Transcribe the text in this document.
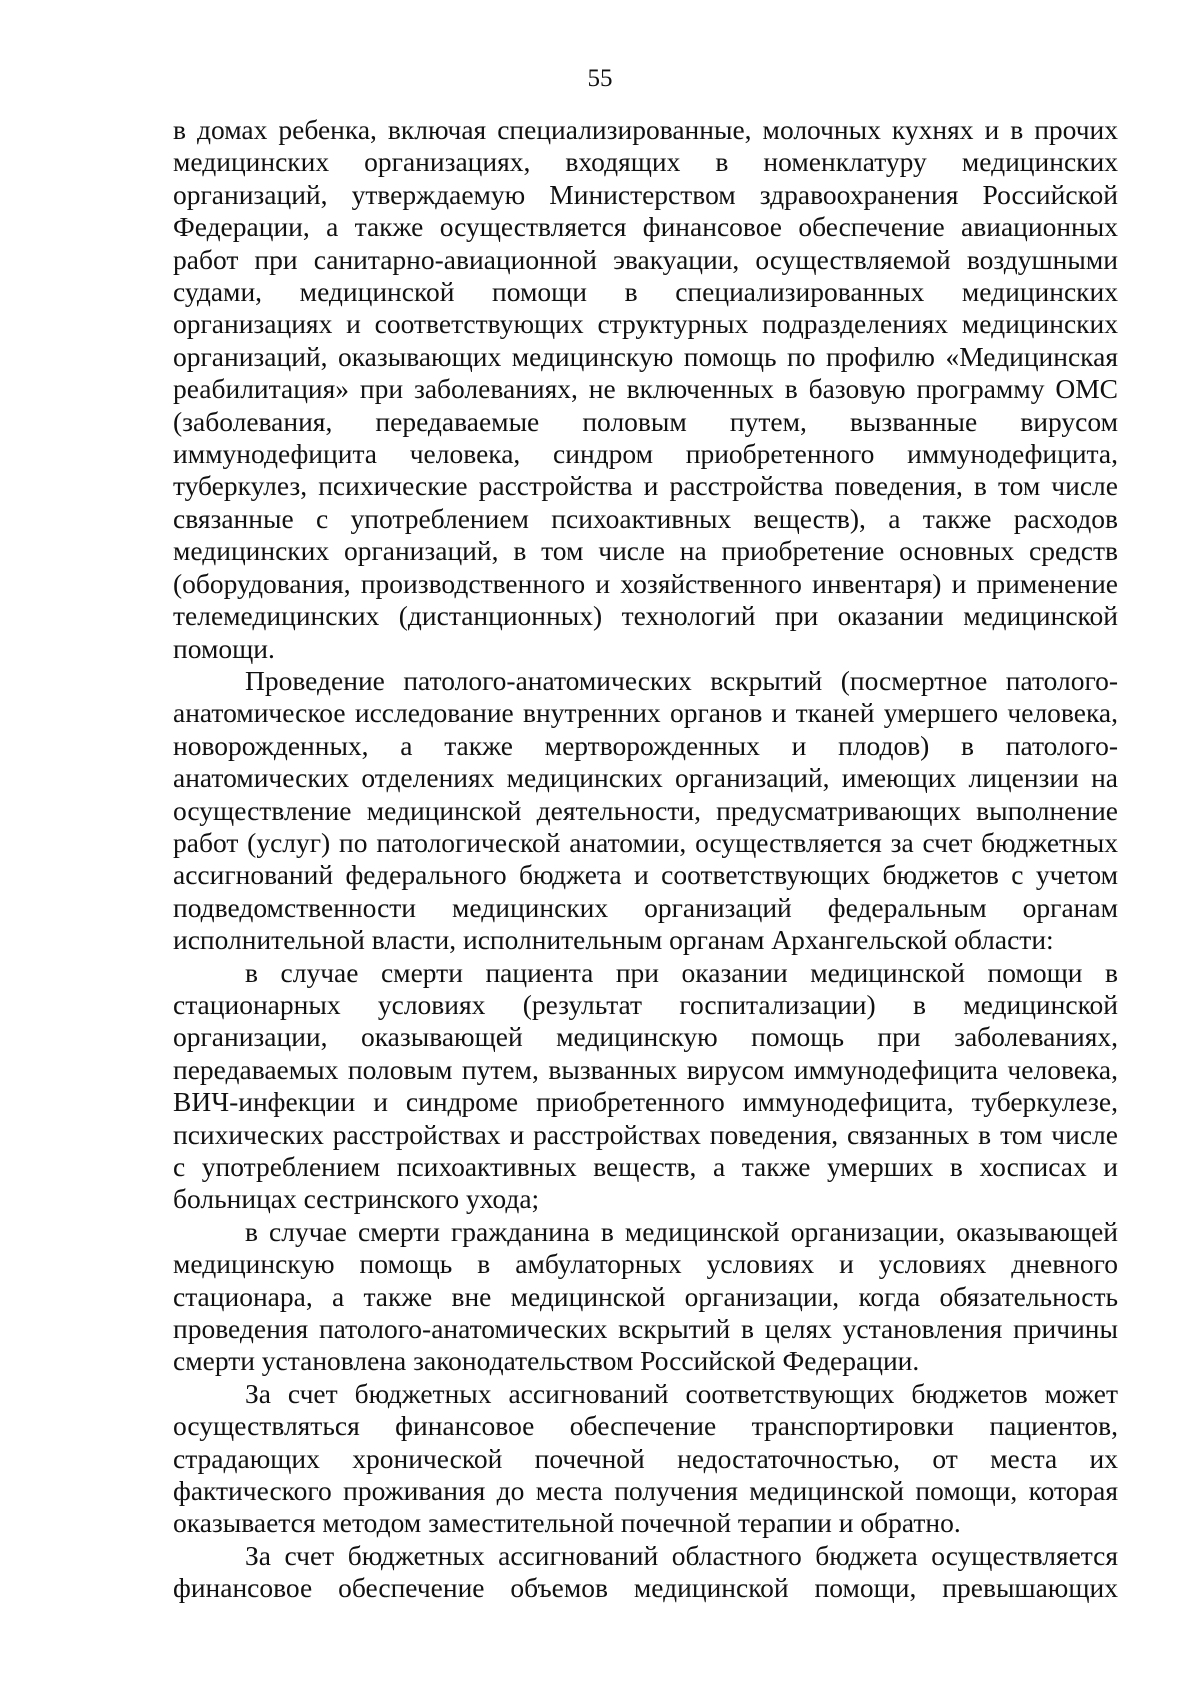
55

в домах ребенка, включая специализированные, молочных кухнях и в прочих медицинских организациях, входящих в номенклатуру медицинских организаций, утверждаемую Министерством здравоохранения Российской Федерации, а также осуществляется финансовое обеспечение авиационных работ при санитарно-авиационной эвакуации, осуществляемой воздушными судами, медицинской помощи в специализированных медицинских организациях и соответствующих структурных подразделениях медицинских организаций, оказывающих медицинскую помощь по профилю «Медицинская реабилитация» при заболеваниях, не включенных в базовую программу ОМС (заболевания, передаваемые половым путем, вызванные вирусом иммунодефицита человека, синдром приобретенного иммунодефицита, туберкулез, психические расстройства и расстройства поведения, в том числе связанные с употреблением психоактивных веществ), а также расходов медицинских организаций, в том числе на приобретение основных средств (оборудования, производственного и хозяйственного инвентаря) и применение телемедицинских (дистанционных) технологий при оказании медицинской помощи.

Проведение патолого-анатомических вскрытий (посмертное патолого-анатомическое исследование внутренних органов и тканей умершего человека, новорожденных, а также мертворожденных и плодов) в патолого-анатомических отделениях медицинских организаций, имеющих лицензии на осуществление медицинской деятельности, предусматривающих выполнение работ (услуг) по патологической анатомии, осуществляется за счет бюджетных ассигнований федерального бюджета и соответствующих бюджетов с учетом подведомственности медицинских организаций федеральным органам исполнительной власти, исполнительным органам Архангельской области:

в случае смерти пациента при оказании медицинской помощи в стационарных условиях (результат госпитализации) в медицинской организации, оказывающей медицинскую помощь при заболеваниях, передаваемых половым путем, вызванных вирусом иммунодефицита человека, ВИЧ-инфекции и синдроме приобретенного иммунодефицита, туберкулезе, психических расстройствах и расстройствах поведения, связанных в том числе с употреблением психоактивных веществ, а также умерших в хосписах и больницах сестринского ухода;

в случае смерти гражданина в медицинской организации, оказывающей медицинскую помощь в амбулаторных условиях и условиях дневного стационара, а также вне медицинской организации, когда обязательность проведения патолого-анатомических вскрытий в целях установления причины смерти установлена законодательством Российской Федерации.

За счет бюджетных ассигнований соответствующих бюджетов может осуществляться финансовое обеспечение транспортировки пациентов, страдающих хронической почечной недостаточностью, от места их фактического проживания до места получения медицинской помощи, которая оказывается методом заместительной почечной терапии и обратно.

За счет бюджетных ассигнований областного бюджета осуществляется финансовое обеспечение объемов медицинской помощи, превышающих
